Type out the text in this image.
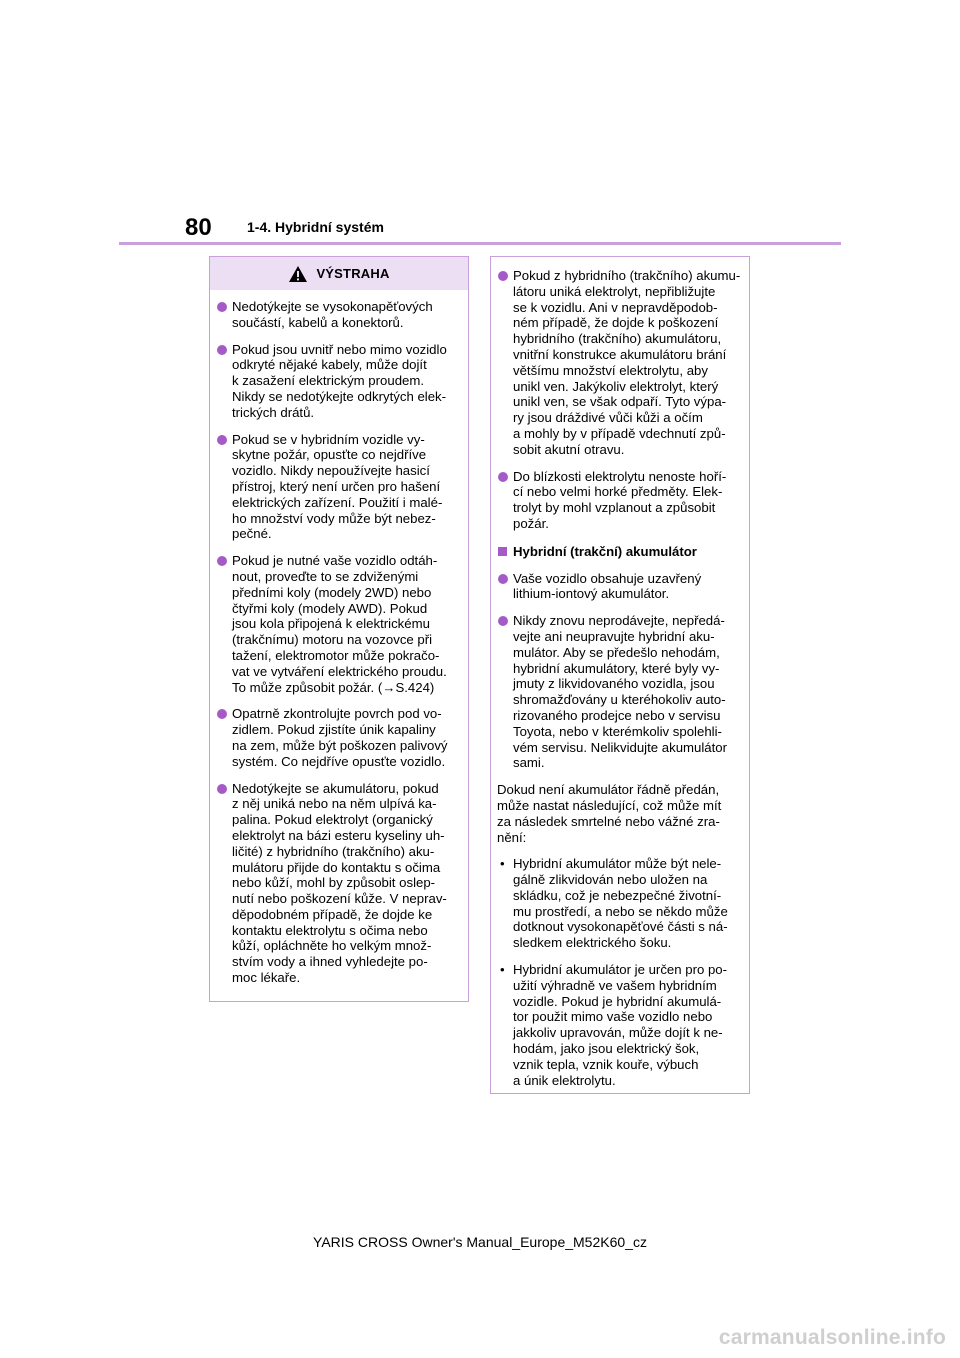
80	1-4. Hybridní systém
VÝSTRAHA
Nedotýkejte se vysokonapěťových
součástí, kabelů a konektorů.
Pokud jsou uvnitř nebo mimo vozidlo
odkryté nějaké kabely, může dojít
k zasažení elektrickým proudem.
Nikdy se nedotýkejte odkrytých elek-
trických drátů.
Pokud se v hybridním vozidle vy-
skytne požár, opusťte co nejdříve
vozidlo. Nikdy nepoužívejte hasicí
přístroj, který není určen pro hašení
elektrických zařízení. Použití i malé-
ho množství vody může být nebez-
pečné.
Pokud je nutné vaše vozidlo odtáh-
nout, proveďte to se zdviženými
předními koly (modely 2WD) nebo
čtyřmi koly (modely AWD). Pokud
jsou kola připojená k elektrickému
(trakčnímu) motoru na vozovce při
tažení, elektromotor může pokračo-
vat ve vytváření elektrického proudu.
To může způsobit požár. (→S.424)
Opatrně zkontrolujte povrch pod vo-
zidlem. Pokud zjistíte únik kapaliny
na zem, může být poškozen palivový
systém. Co nejdříve opusťte vozidlo.
Nedotýkejte se akumulátoru, pokud
z něj uniká nebo na něm ulpívá ka-
palina. Pokud elektrolyt (organický
elektrolyt na bázi esteru kyseliny uh-
ličité) z hybridního (trakčního) aku-
mulátoru přijde do kontaktu s očima
nebo kůží, mohl by způsobit oslep-
nutí nebo poškození kůže. V neprav-
děpodobném případě, že dojde ke
kontaktu elektrolytu s očima nebo
kůží, opláchněte ho velkým množ-
stvím vody a ihned vyhledejte po-
moc lékaře.
Pokud z hybridního (trakčního) akumu-
látoru uniká elektrolyt, nepřibližujte
se k vozidlu. Ani v nepravděpodob-
ném případě, že dojde k poškození
hybridního (trakčního) akumulátoru,
vnitřní konstrukce akumulátoru brání
většímu množství elektrolytu, aby
unikl ven. Jakýkoliv elektrolyt, který
unikl ven, se však odpaří. Tyto výpa-
ry jsou dráždivé vůči kůži a očím
a mohly by v případě vdechnutí způ-
sobit akutní otravu.
Do blízkosti elektrolytu nenoste hoří-
cí nebo velmi horké předměty. Elek-
trolyt by mohl vzplanout a způsobit
požár.
Hybridní (trakční) akumulátor
Vaše vozidlo obsahuje uzavřený
lithium-iontový akumulátor.
Nikdy znovu neprodávejte, nepředá-
vejte ani neupravujte hybridní aku-
mulátor. Aby se předešlo nehodám,
hybridní akumulátory, které byly vy-
jmuty z likvidovaného vozidla, jsou
shromažďovány u kteréhokoliv auto-
rizovaného prodejce nebo v servisu
Toyota, nebo v kterémkoliv spolehli-
vém servisu. Nelikvidujte akumulátor
sami.
Dokud není akumulátor řádně předán,
může nastat následující, což může mít
za následek smrtelné nebo vážné zra-
nění:
• Hybridní akumulátor může být nele-
gálně zlikvidován nebo uložen na
skládku, což je nebezpečné životní-
mu prostředí, a nebo se někdo může
dotknout vysokonapěťové části s ná-
sledkem elektrického šoku.
• Hybridní akumulátor je určen pro po-
užití výhradně ve vašem hybridním
vozidle. Pokud je hybridní akumulá-
tor použit mimo vaše vozidlo nebo
jakkoliv upravován, může dojít k ne-
hodám, jako jsou elektrický šok,
vznik tepla, vznik kouře, výbuch
a únik elektrolytu.
YARIS CROSS Owner's Manual_Europe_M52K60_cz
carmanualsonline.info
